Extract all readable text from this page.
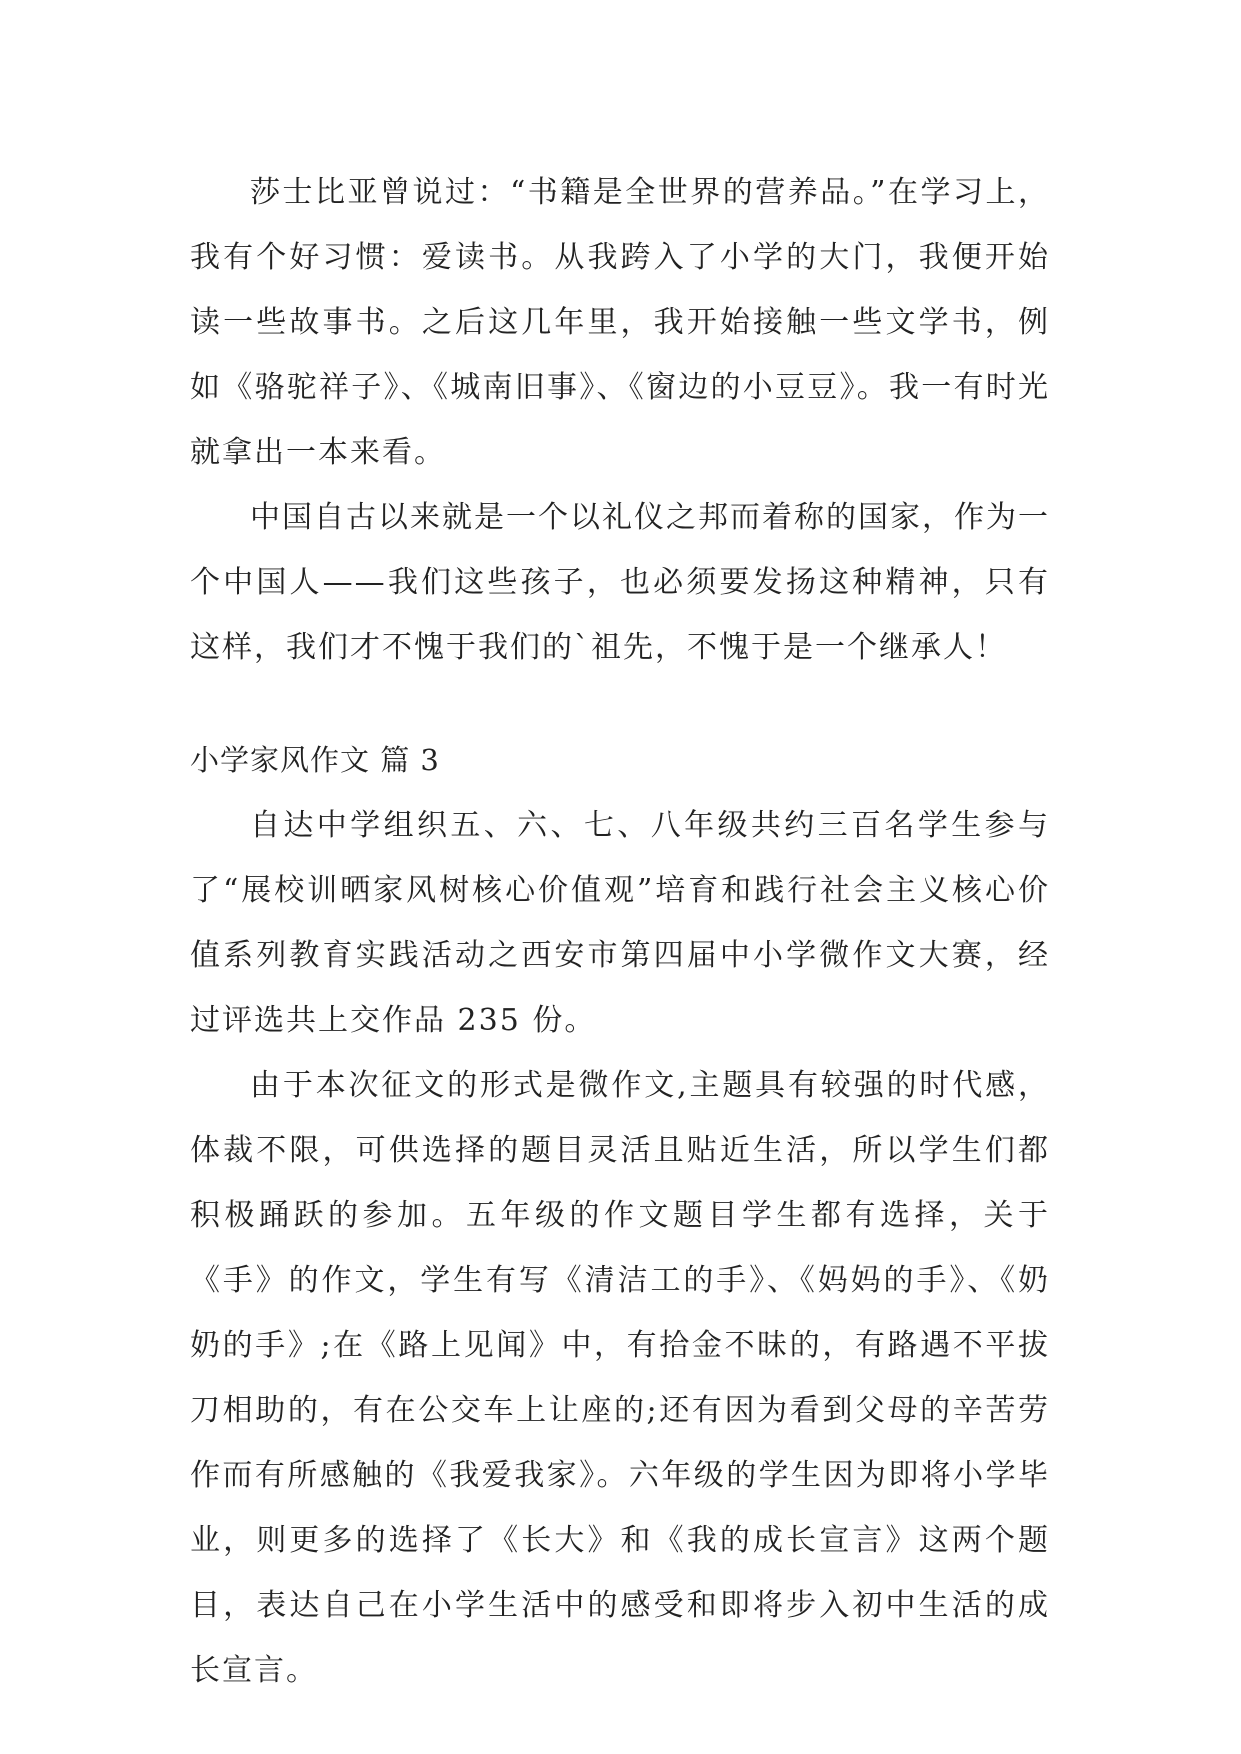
莎士比亚曾说过：“书籍是全世界的营养品。”在学习上，我有个好习惯：爱读书。从我跨入了小学的大门，我便开始读一些故事书。之后这几年里，我开始接触一些文学书，例如《骆驼祥子》、《城南旧事》、《窗边的小豆豆》。我一有时光就拿出一本来看。

中国自古以来就是一个以礼仪之邦而着称的国家，作为一个中国人——我们这些孩子，也必须要发扬这种精神，只有这样，我们才不愧于我们的`祖先，不愧于是一个继承人！

小学家风作文 篇 3

自达中学组织五、六、七、八年级共约三百名学生参与了“展校训晒家风树核心价值观”培育和践行社会主义核心价值系列教育实践活动之西安市第四届中小学微作文大赛，经过评选共上交作品 235 份。

由于本次征文的形式是微作文,主题具有较强的时代感，体裁不限，可供选择的题目灵活且贴近生活，所以学生们都积极踊跃的参加。五年级的作文题目学生都有选择，关于《手》的作文，学生有写《清洁工的手》、《妈妈的手》、《奶奶的手》;在《路上见闻》中，有拾金不昧的，有路遇不平拔刀相助的，有在公交车上让座的;还有因为看到父母的辛苦劳作而有所感触的《我爱我家》。六年级的学生因为即将小学毕业，则更多的选择了《长大》和《我的成长宣言》这两个题目，表达自己在小学生活中的感受和即将步入初中生活的成长宣言。
